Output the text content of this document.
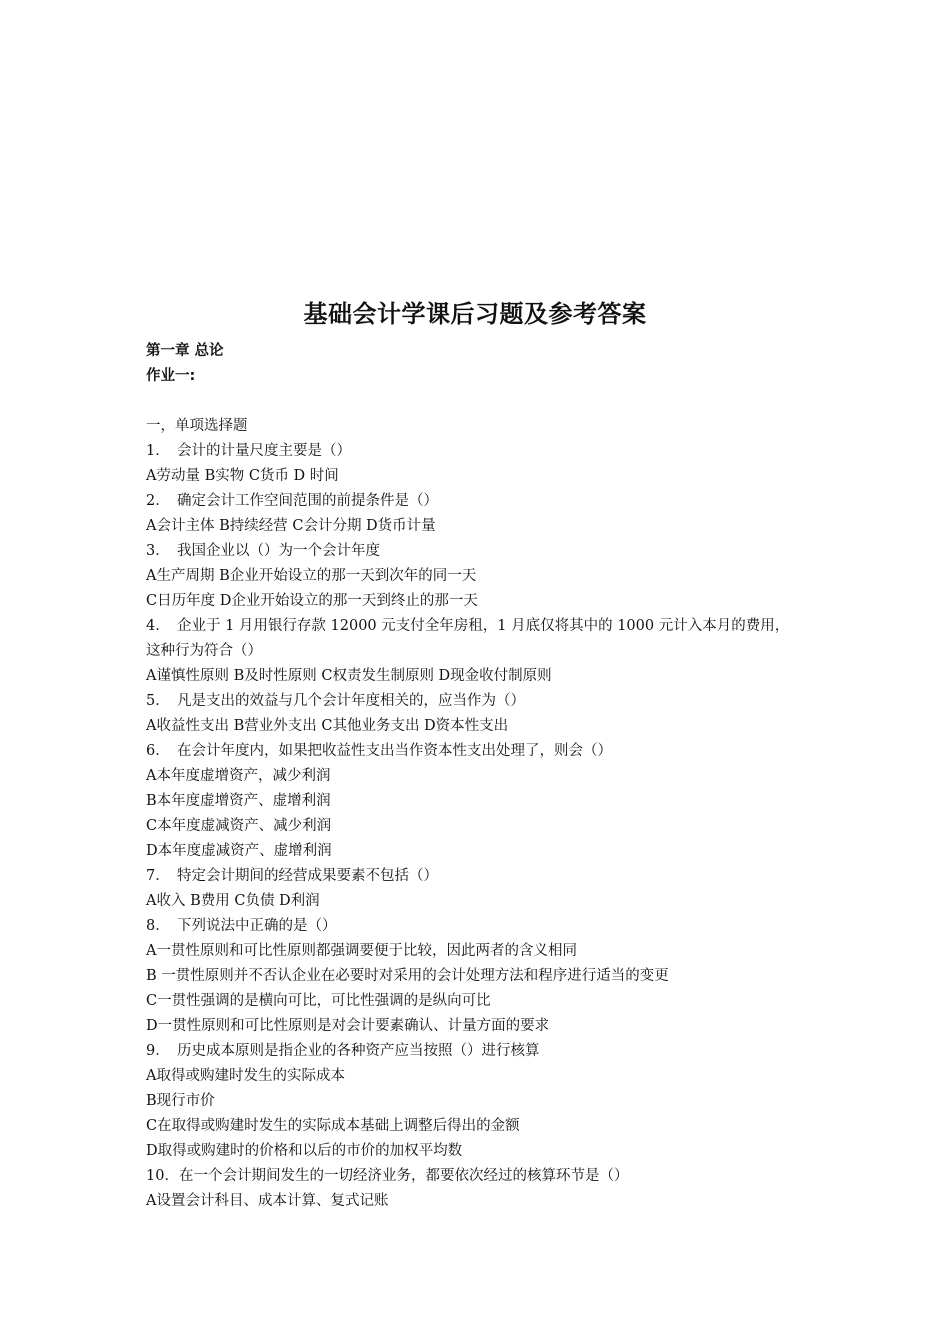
基础会计学课后习题及参考答案
第一章 总论
作业一:
一，单项选择题
1．　会计的计量尺度主要是（）
A劳动量 B实物 C货币 D 时间
2．　确定会计工作空间范围的前提条件是（）
A会计主体 B持续经营 C会计分期 D货币计量
3．　我国企业以（）为一个会计年度
A生产周期 B企业开始设立的那一天到次年的同一天
C日历年度 D企业开始设立的那一天到终止的那一天
4．　企业于 1 月用银行存款 12000 元支付全年房租，1 月底仅将其中的 1000 元计入本月的费用，
这种行为符合（）
A谨慎性原则 B及时性原则 C权责发生制原则 D现金收付制原则
5．　凡是支出的效益与几个会计年度相关的，应当作为（）
A收益性支出 B营业外支出 C其他业务支出 D资本性支出
6．　在会计年度内，如果把收益性支出当作资本性支出处理了，则会（）
A本年度虚增资产，减少利润
B本年度虚增资产、虚增利润
C本年度虚减资产、减少利润
D本年度虚减资产、虚增利润
7．　特定会计期间的经营成果要素不包括（）
A收入 B费用 C负债 D利润
8．　下列说法中正确的是（）
A一贯性原则和可比性原则都强调要便于比较，因此两者的含义相同
B 一贯性原则并不否认企业在必要时对采用的会计处理方法和程序进行适当的变更
C一贯性强调的是横向可比，可比性强调的是纵向可比
D一贯性原则和可比性原则是对会计要素确认、计量方面的要求
9．　历史成本原则是指企业的各种资产应当按照（）进行核算
A取得或购建时发生的实际成本
B现行市价
C在取得或购建时发生的实际成本基础上调整后得出的金额
D取得或购建时的价格和以后的市价的加权平均数
10．在一个会计期间发生的一切经济业务，都要依次经过的核算环节是（）
A设置会计科目、成本计算、复式记账
